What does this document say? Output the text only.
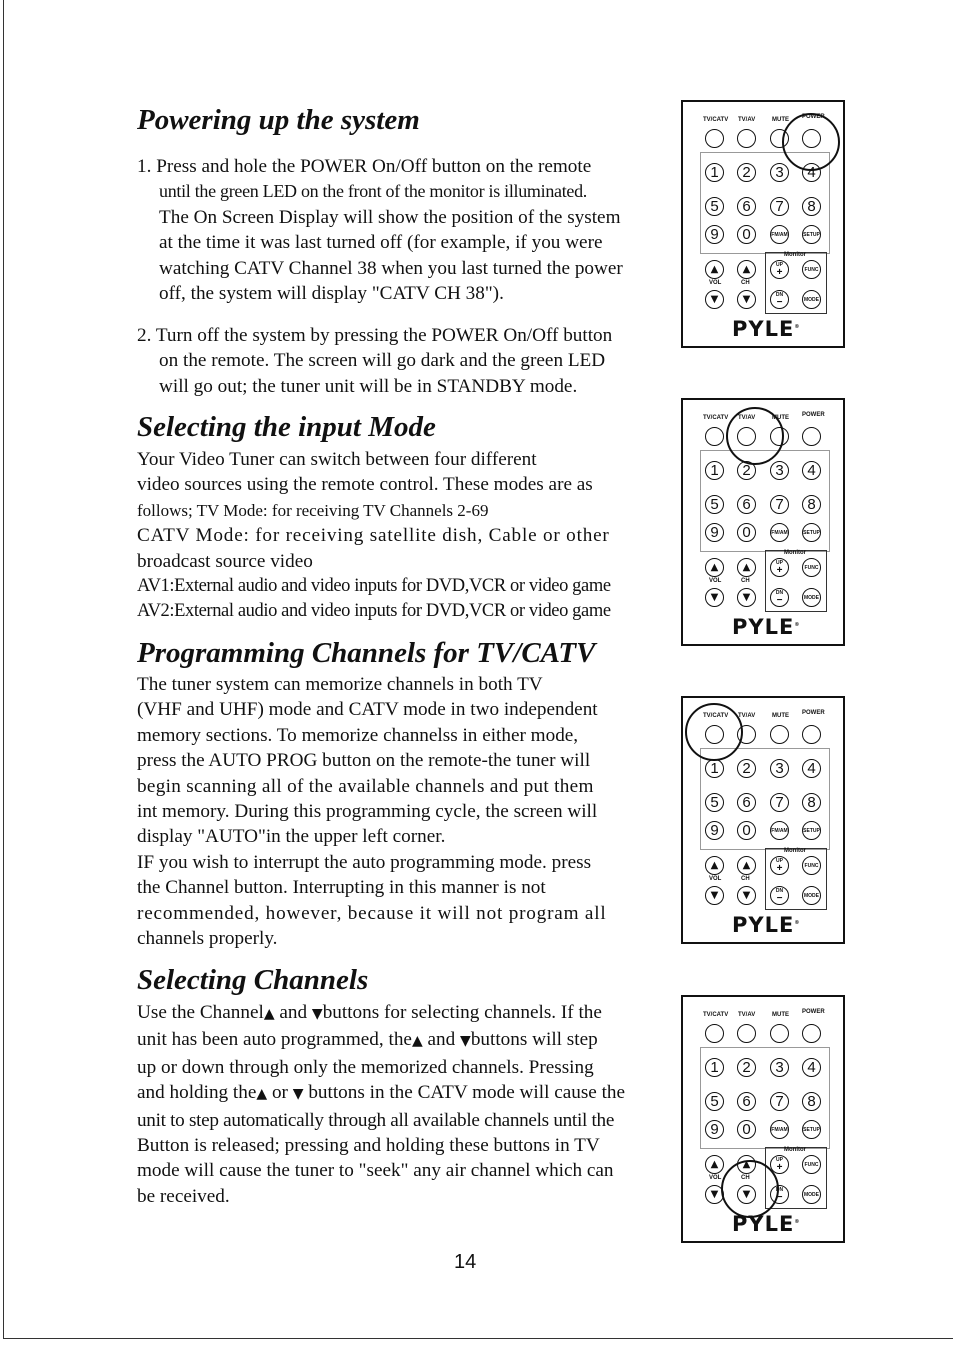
Powering up the system
1. Press and hole the POWER On/Off button on the remote
until the green LED on the front of the monitor is illuminated.
The On Screen Display will show the position of the system
at the time it was last turned off (for example, if you were
watching CATV Channel 38 when you last turned the power
off, the system will display "CATV CH 38").
2. Turn off the system by pressing the POWER On/Off button
on the remote. The screen will go dark and the green LED
will go out; the tuner unit will be in STANDBY mode.
Selecting the input Mode
Your Video Tuner can switch between four different
video sources using the remote control. These modes are as
follows; TV Mode: for receiving TV Channels 2-69
CATV Mode: for receiving satellite dish, Cable or other
broadcast source video
AV1:External audio and video inputs for DVD,VCR or video game
AV2:External audio and video inputs for DVD,VCR or video game
Programming Channels for TV/CATV
The tuner system can memorize channels in both TV
(VHF and UHF) mode and CATV mode in two independent
memory sections. To memorize channelss in either mode,
press the AUTO PROG button on the remote-the tuner will
begin scanning all of the available channels and put them
int memory. During this programming cycle, the screen will
display "AUTO"in the upper left corner.
IF you wish to interrupt the auto programming mode. press
the Channel button. Interrupting in this manner is not
recommended, however, because it will not program all
channels properly.
Selecting Channels
Use the Channel▲ and ▼buttons for selecting channels. If the
unit has been auto programmed, the▲ and ▼buttons will step
up or down through only the memorized channels. Pressing
and holding the▲ or ▼ buttons in the CATV mode will cause the
unit to step automatically through all available channels until the
Button is released; pressing and holding these buttons in TV
mode will cause the tuner to "seek" any air channel which can
be received.
14
TV/CATV TV/AV	MUTE POWER
1	2	3	4
5	6	7	8
9	0	FM/AM	SETUP
Monitor
▲	▲
VOL	CH
▼	▼
UP
+	FUNC
DN
−	MODE
PYLE®
TV/CATV TV/AV	MUTE POWER
1	2	3	4
5	6	7	8
9	0	FM/AM	SETUP
Monitor
▲	▲
VOL	CH
▼	▼
UP
+	FUNC
DN
−	MODE
PYLE®
TV/CATV TV/AV	MUTE POWER
1	2	3	4
5	6	7	8
9	0	FM/AM	SETUP
Monitor
▲	▲
VOL	CH
▼	▼
UP
+	FUNC
DN
−	MODE
PYLE®
TV/CATV TV/AV	MUTE POWER
1	2	3	4
5	6	7	8
9	0	FM/AM	SETUP
Monitor
▲	▲
VOL	CH
▼	▼
UP
+	FUNC
DN
−	MODE
PYLE®
